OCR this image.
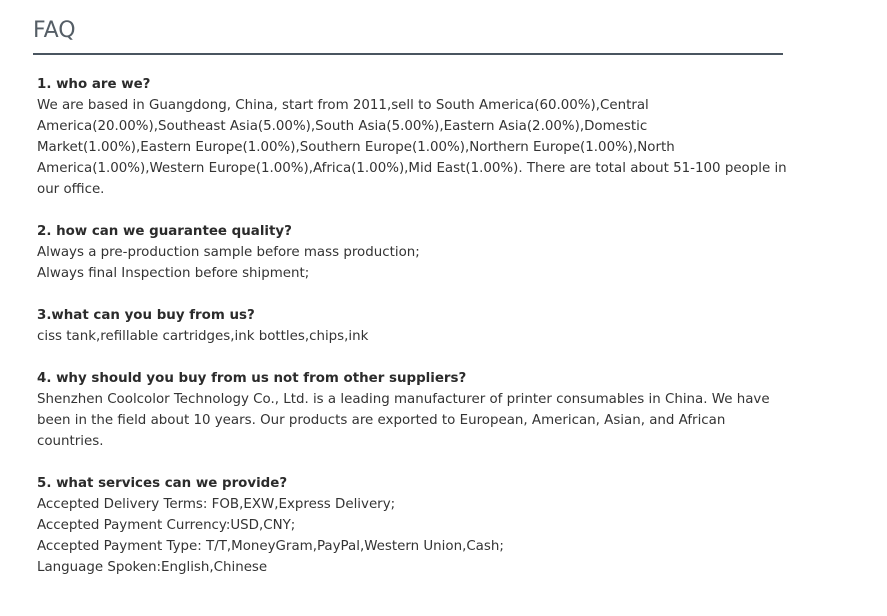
FAQ

1. who are we?

We are based in Guangdong, China, start from 2011,sell to South America(60.00%),Central

America(20.00%),Southeast Asia(5.00%),South Asia(5.00%),Eastern Asia(2.00%),Domestic

Market(1.00%),Eastern Europe(1.00%),Southern Europe(1.00%),Northern Europe(1.00%),North

America(1.00%),Western Europe(1.00%),Africa(1.00%),Mid East(1.00%). There are total about 51-100 people in

our office.

2. how can we guarantee quality?

Always a pre-production sample before mass production;

Always final Inspection before shipment;

3.what can you buy from us?

ciss tank,refillable cartridges,ink bottles,chips,ink

4. why should you buy from us not from other suppliers?

Shenzhen Coolcolor Technology Co., Ltd. is a leading manufacturer of printer consumables in China. We have

been in the field about 10 years. Our products are exported to European, American, Asian, and African

countries.

5. what services can we provide?

Accepted Delivery Terms: FOB,EXW,Express Delivery;

Accepted Payment Currency:USD,CNY;

Accepted Payment Type: T/T,MoneyGram,PayPal,Western Union,Cash;

Language Spoken:English,Chinese
